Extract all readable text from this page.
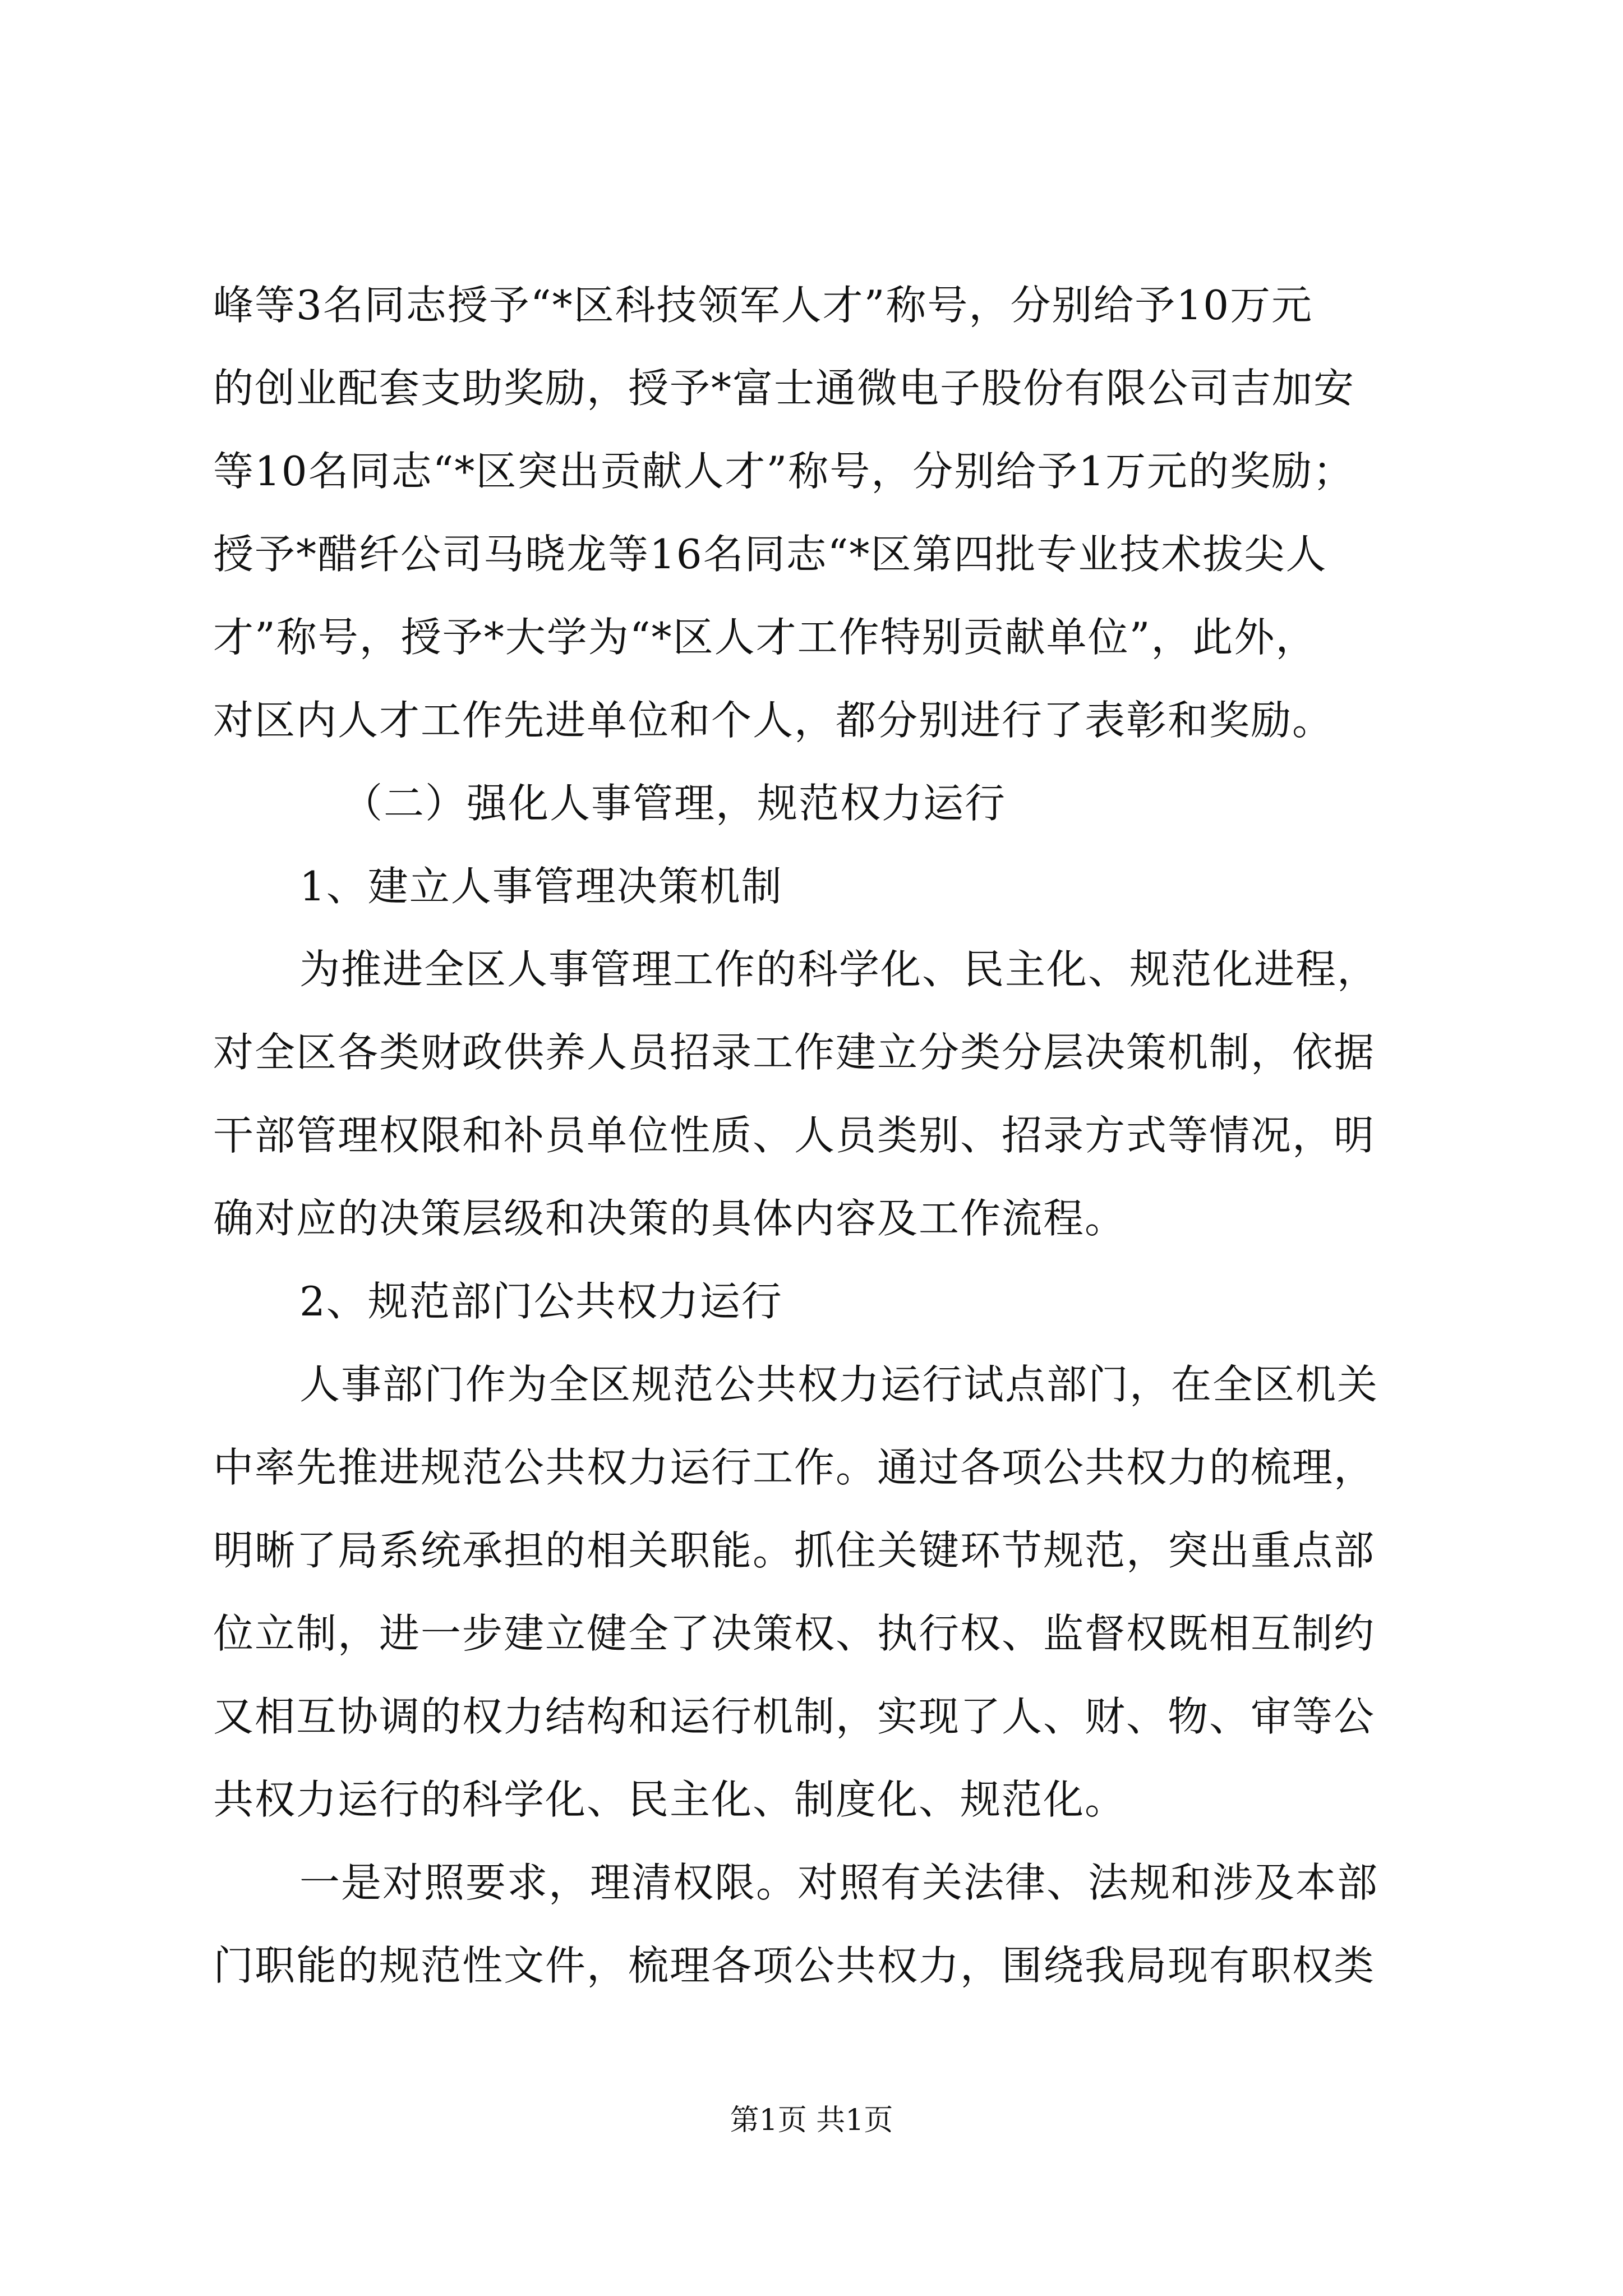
峰等3名同志授予“*区科技领军人才”称号，分别给予10万元
的创业配套支助奖励，授予*富士通微电子股份有限公司吉加安
等10名同志“*区突出贡献人才”称号，分别给予1万元的奖励；
授予*醋纤公司马晓龙等16名同志“*区第四批专业技术拔尖人
才”称号，授予*大学为“*区人才工作特别贡献单位”，此外，
对区内人才工作先进单位和个人，都分别进行了表彰和奖励。
（二）强化人事管理，规范权力运行
1、建立人事管理决策机制
为推进全区人事管理工作的科学化、民主化、规范化进程，
对全区各类财政供养人员招录工作建立分类分层决策机制，依据
干部管理权限和补员单位性质、人员类别、招录方式等情况，明
确对应的决策层级和决策的具体内容及工作流程。
2、规范部门公共权力运行
人事部门作为全区规范公共权力运行试点部门，在全区机关
中率先推进规范公共权力运行工作。通过各项公共权力的梳理，
明晰了局系统承担的相关职能。抓住关键环节规范，突出重点部
位立制，进一步建立健全了决策权、执行权、监督权既相互制约
又相互协调的权力结构和运行机制，实现了人、财、物、审等公
共权力运行的科学化、民主化、制度化、规范化。
一是对照要求，理清权限。对照有关法律、法规和涉及本部
门职能的规范性文件，梳理各项公共权力，围绕我局现有职权类
第1页 共1页
